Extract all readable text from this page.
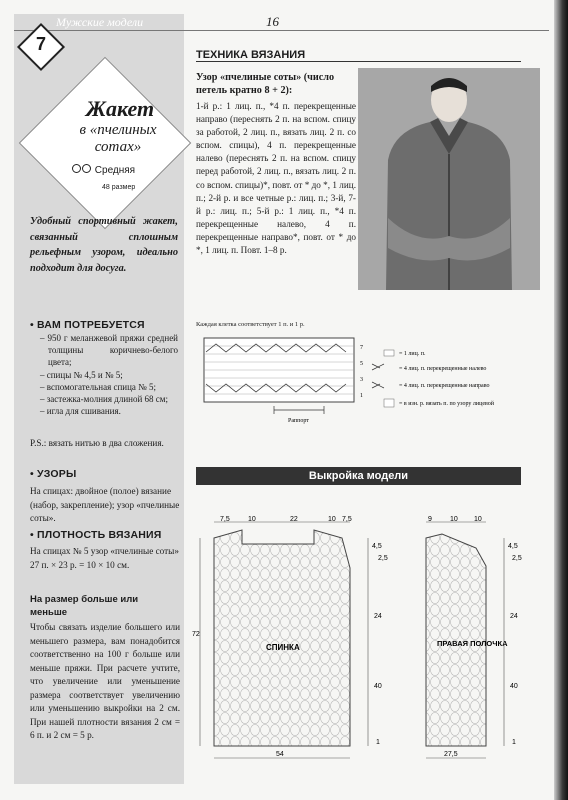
Мужские модели	16
7
Жакет
в «пчелиных сотах»
Средняя
48 размер
Удобный спортивный жакет, связанный сплошным рельефным узором, идеально подходит для досуга.
• ВАМ ПОТРЕБУЕТСЯ
– 950 г меланжевой пряжи средней толщины коричнево-белого цвета;
– спицы № 4,5 и № 5;
– вспомогательная спица № 5;
– застежка-молния длиной 68 см;
– игла для сшивания.
P.S.: вязать нитью в два сложения.
• УЗОРЫ
На спицах: двойное (полое) вязание (набор, закрепление); узор «пчелиные соты».
• ПЛОТНОСТЬ ВЯЗАНИЯ
На спицах № 5 узор «пчелиные соты» 27 п. × 23 р. = 10 × 10 см.
На размер больше или меньше
Чтобы связать изделие большего или меньшего размера, вам понадобится соответственно на 100 г больше или меньше пряжи. При расчете учтите, что увеличение или уменьшение размера соответствует увеличению или уменьшению выкройки на 2 см. При нашей плотности вязания 2 см = 6 п. и 2 см = 5 р.
ТЕХНИКА ВЯЗАНИЯ
Узор «пчелиные соты» (число петель кратно 8 + 2):
1-й р.: 1 лиц. п., *4 п. перекрещенные направо (переснять 2 п. на вспом. спицу за работой, 2 лиц. п., вязать лиц. 2 п. со вспом. спицы), 4 п. перекрещенные налево (переснять 2 п. на вспом. спицу перед работой, 2 лиц. п., вязать лиц. 2 п. со вспом. спицы)*, повт. от * до *, 1 лиц. п.; 2-й р. и все четные р.: лиц. п.; 3-й, 7-й р.: лиц. п.; 5-й р.: 1 лиц. п., *4 п. перекрещенные налево, 4 п. перекрещенные направо*, повт. от * до *, 1 лиц. п. Повт. 1–8 р.
Каждая клетка соответствует 1 п. и 1 р.
7
5
3
1
Раппорт
= 1 лиц. п.
= 4 лиц. п. перекрещенные налево
= 4 лиц. п. перекрещенные направо
= в изн. р. вязать п. по узору лицевой
Выкройка модели
СПИНКА	ПРАВАЯ ПОЛОЧКА
7,5	10	22	10 7,5
72
4,5
2,5
24
40
1
54
9	10 10
4,5
2,5
24
40
1
27,5
